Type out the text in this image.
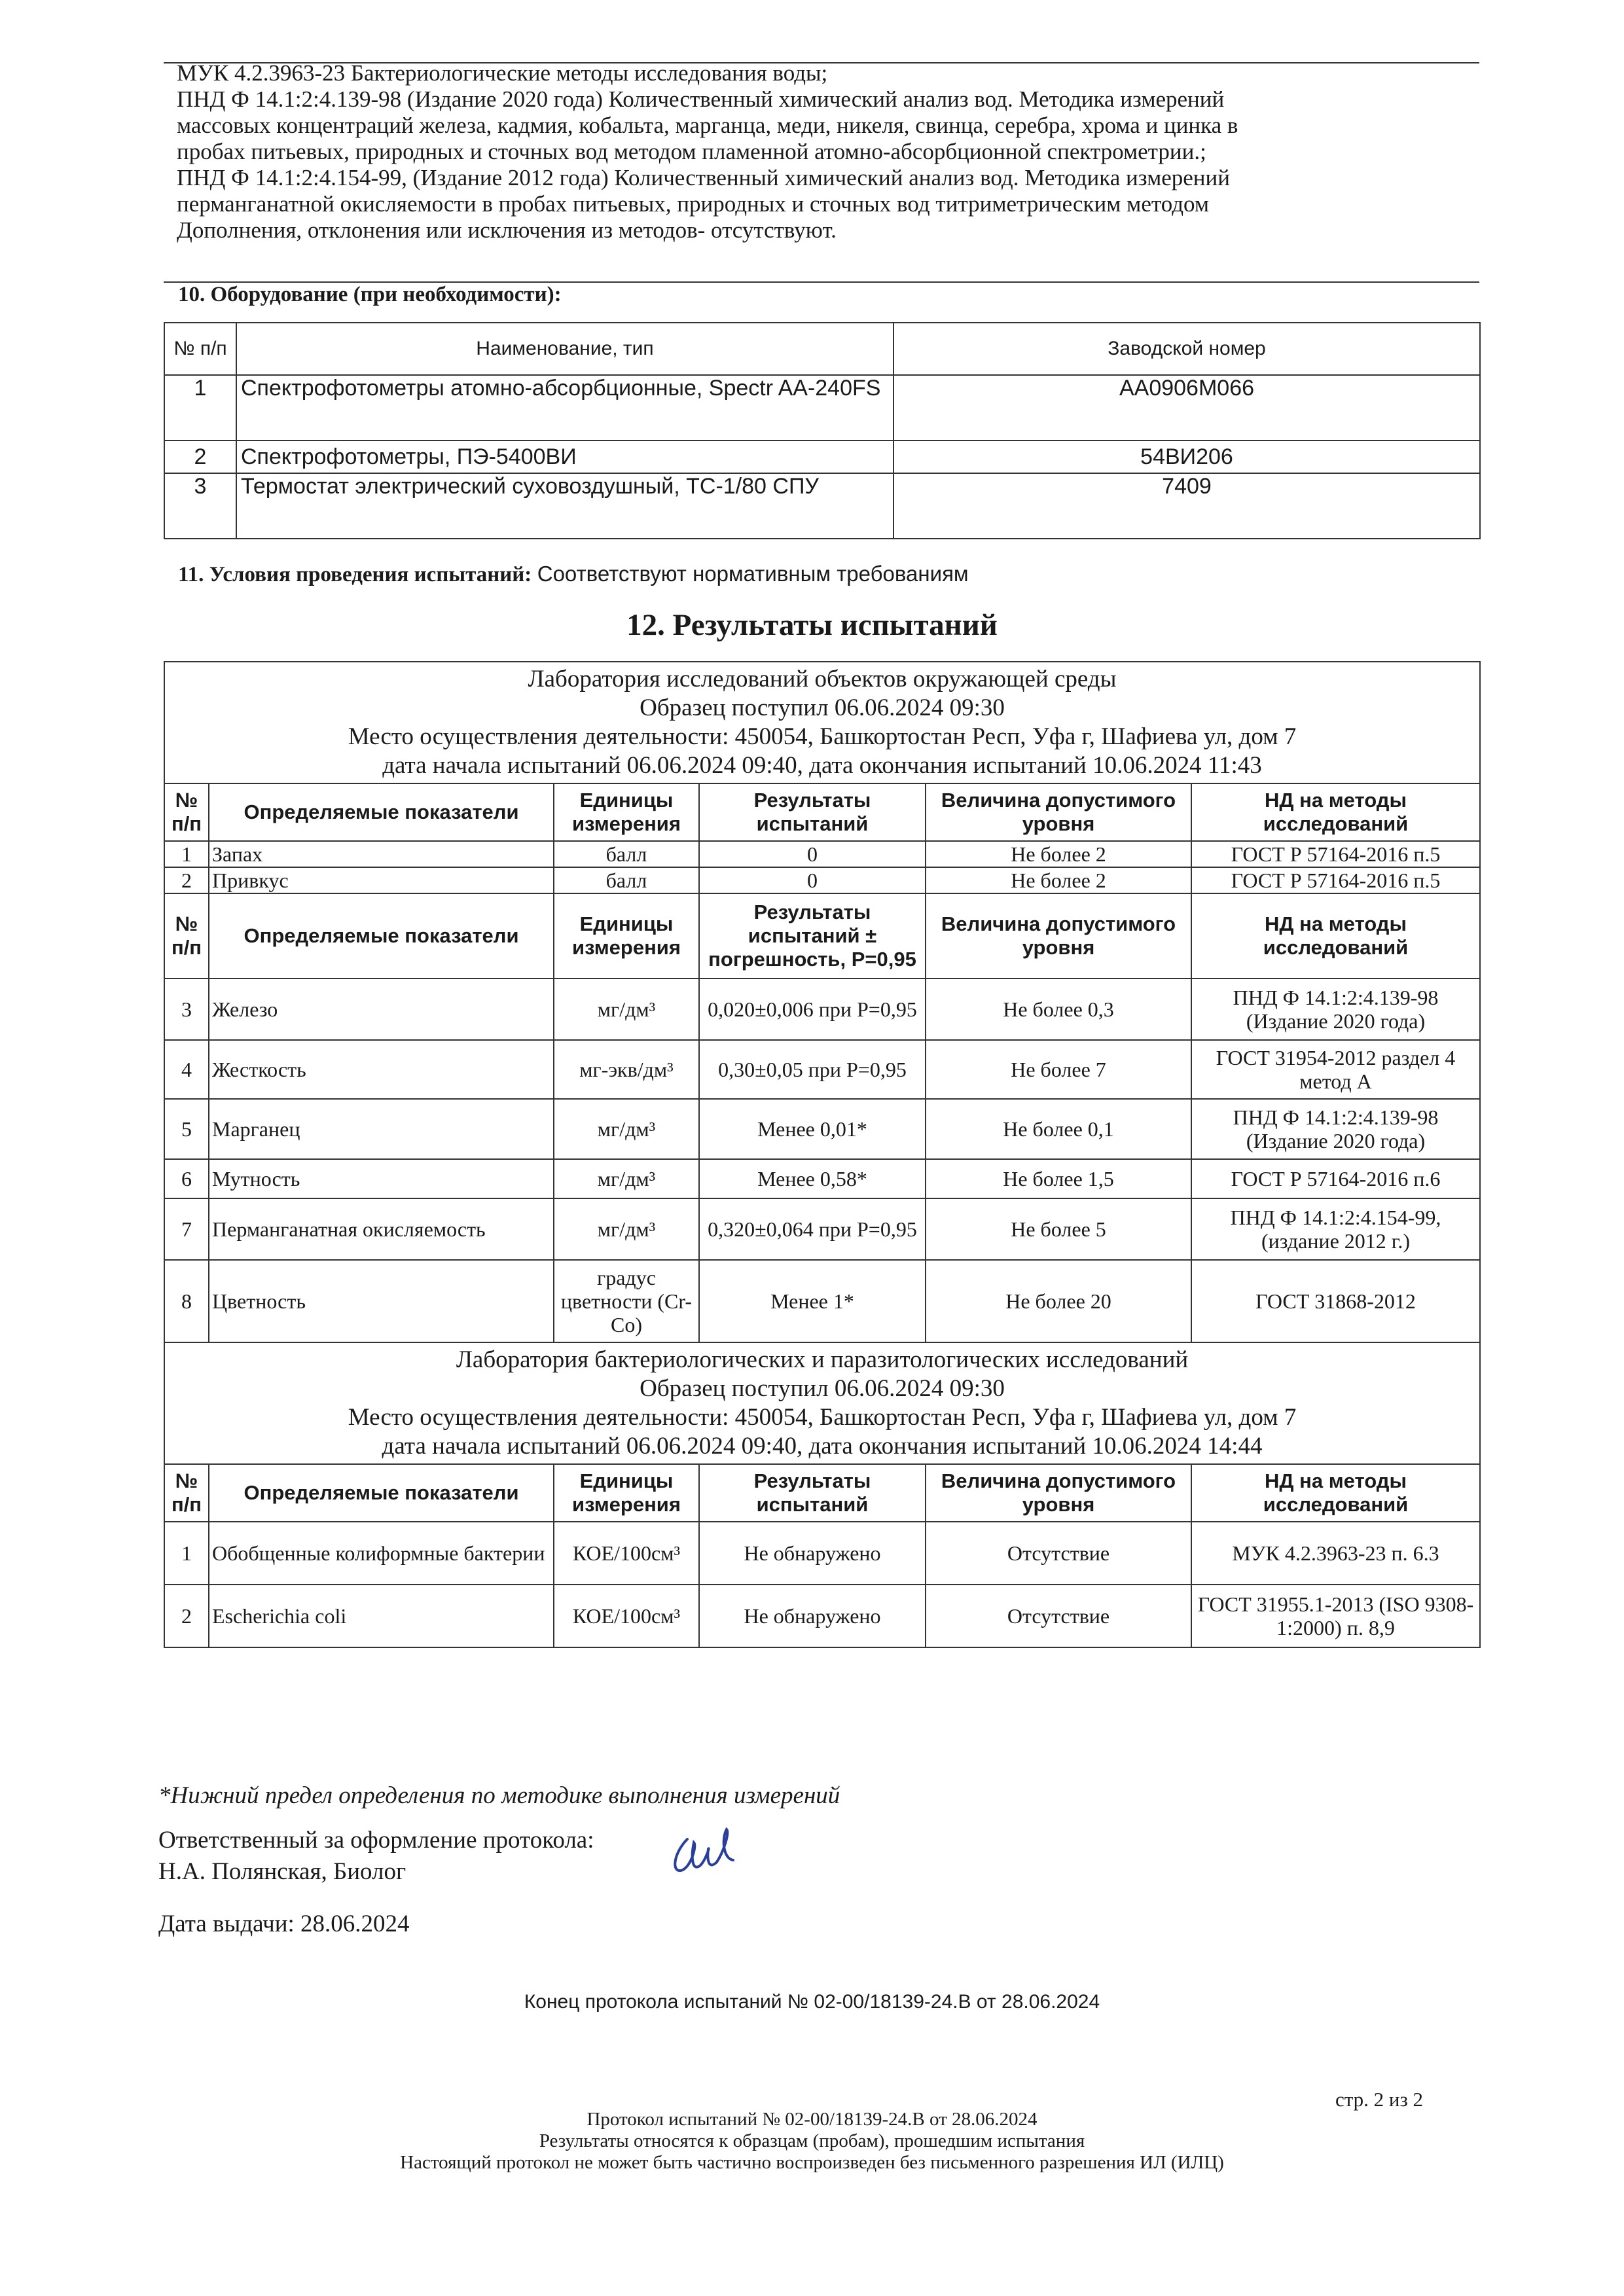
МУК 4.2.3963-23 Бактериологические методы исследования воды;
ПНД Ф 14.1:2:4.139-98 (Издание 2020 года) Количественный химический анализ вод. Методика измерений
массовых концентраций железа, кадмия, кобальта, марганца, меди, никеля, свинца, серебра, хрома и цинка в
пробах питьевых, природных и сточных вод методом пламенной атомно-абсорбционной спектрометрии.;
ПНД Ф 14.1:2:4.154-99, (Издание 2012 года) Количественный химический анализ вод. Методика измерений
перманганатной окисляемости в пробах питьевых, природных и сточных вод титриметрическим методом
Дополнения, отклонения или исключения из методов- отсутствуют.
10. Оборудование (при необходимости):
№ п/п	Наименование, тип	Заводской номер
1	Спектрофотометры атомно-абсорбционные, Spectr AA-240FS	AA0906M066
2	Спектрофотометры, ПЭ-5400ВИ	54ВИ206
3	Термостат электрический суховоздушный, ТС-1/80 СПУ	7409
11. Условия проведения испытаний: Соответствуют нормативным требованиям
12. Результаты испытаний
Лаборатория исследований объектов окружающей среды
Образец поступил 06.06.2024 09:30
Место осуществления деятельности: 450054, Башкортостан Респ, Уфа г, Шафиева ул, дом 7
дата начала испытаний 06.06.2024 09:40, дата окончания испытаний 10.06.2024 11:43					

№ п/п	Определяемые показатели	Единицы измерения	Результаты испытаний	Величина допустимого уровня	НД на методы исследований
1	Запах	балл	0	Не более 2	ГОСТ Р 57164-2016 п.5
2	Привкус	балл	0	Не более 2	ГОСТ Р 57164-2016 п.5
№ п/п	Определяемые показатели	Единицы измерения	Результаты испытаний ± погрешность, Р=0,95	Величина допустимого уровня	НД на методы исследований
3	Железо	мг/дм³	0,020±0,006 при Р=0,95	Не более 0,3	ПНД Ф 14.1:2:4.139-98 (Издание 2020 года)
4	Жесткость	мг-экв/дм³	0,30±0,05 при Р=0,95	Не более 7	ГОСТ 31954-2012 раздел 4 метод А
5	Марганец	мг/дм³	Менее 0,01*	Не более 0,1	ПНД Ф 14.1:2:4.139-98 (Издание 2020 года)
6	Мутность	мг/дм³	Менее 0,58*	Не более 1,5	ГОСТ Р 57164-2016 п.6
7	Перманганатная окисляемость	мг/дм³	0,320±0,064 при Р=0,95	Не более 5	ПНД Ф 14.1:2:4.154-99, (издание 2012 г.)
8	Цветность	градус цветности (Cr-Co)	Менее 1*	Не более 20	ГОСТ 31868-2012

Лаборатория бактериологических и паразитологических исследований
Образец поступил 06.06.2024 09:30
Место осуществления деятельности: 450054, Башкортостан Респ, Уфа г, Шафиева ул, дом 7
дата начала испытаний 06.06.2024 09:40, дата окончания испытаний 10.06.2024 14:44					

№ п/п	Определяемые показатели	Единицы измерения	Результаты испытаний	Величина допустимого уровня	НД на методы исследований
1	Обобщенные колиформные бактерии	КОЕ/100см³	Не обнаружено	Отсутствие	МУК 4.2.3963-23 п. 6.3
2	Escherichia coli	КОЕ/100см³	Не обнаружено	Отсутствие	ГОСТ 31955.1-2013 (ISO 9308-1:2000) п. 8,9
*Нижний предел определения по методике выполнения измерений
Ответственный за оформление протокола:
Н.А. Полянская, Биолог
Дата выдачи: 28.06.2024
Конец протокола испытаний № 02-00/18139-24.В от 28.06.2024
стр. 2 из 2
Протокол испытаний № 02-00/18139-24.В от 28.06.2024
Результаты относятся к образцам (пробам), прошедшим испытания
Настоящий протокол не может быть частично воспроизведен без письменного разрешения ИЛ (ИЛЦ)
